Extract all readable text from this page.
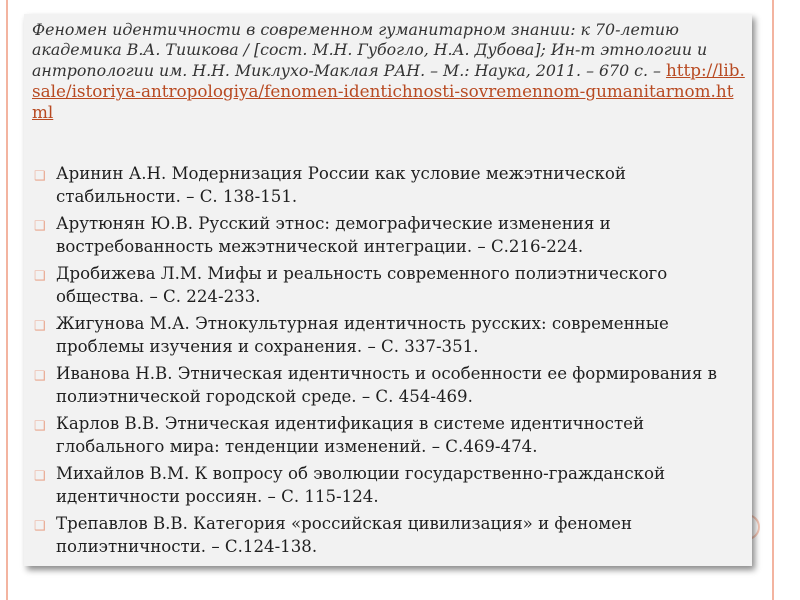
Феномен идентичности в современном гуманитарном знании: к 70-летию академика В.А. Тишкова / [сост. М.Н. Губогло, Н.А. Дубова]; Ин-т этнологии и антропологии им. Н.Н. Миклухо-Маклая РАН. – М.: Наука, 2011. – 670 с. – http://lib.sale/istoriya-antropologiya/fenomen-identichnosti-sovremennom-gumanitarnom.html

❑ Аринин А.Н. Модернизация России как условие межэтнической стабильности. – С. 138-151.
❑ Арутюнян Ю.В. Русский этнос: демографические изменения и востребованность межэтнической интеграции. – С.216-224.
❑ Дробижева Л.М. Мифы и реальность современного полиэтнического общества. – С. 224-233.
❑ Жигунова М.А. Этнокультурная идентичность русских: современные проблемы изучения и сохранения. – С. 337-351.
❑ Иванова Н.В. Этническая идентичность и особенности ее формирования в полиэтнической городской среде. – С. 454-469.
❑ Карлов В.В. Этническая идентификация в системе идентичностей глобального мира: тенденции изменений. – С.469-474.
❑ Михайлов В.М. К вопросу об эволюции государственно-гражданской идентичности россиян. – С. 115-124.
❑ Трепавлов В.В. Категория «российская цивилизация» и феномен полиэтничности. – С.124-138.
